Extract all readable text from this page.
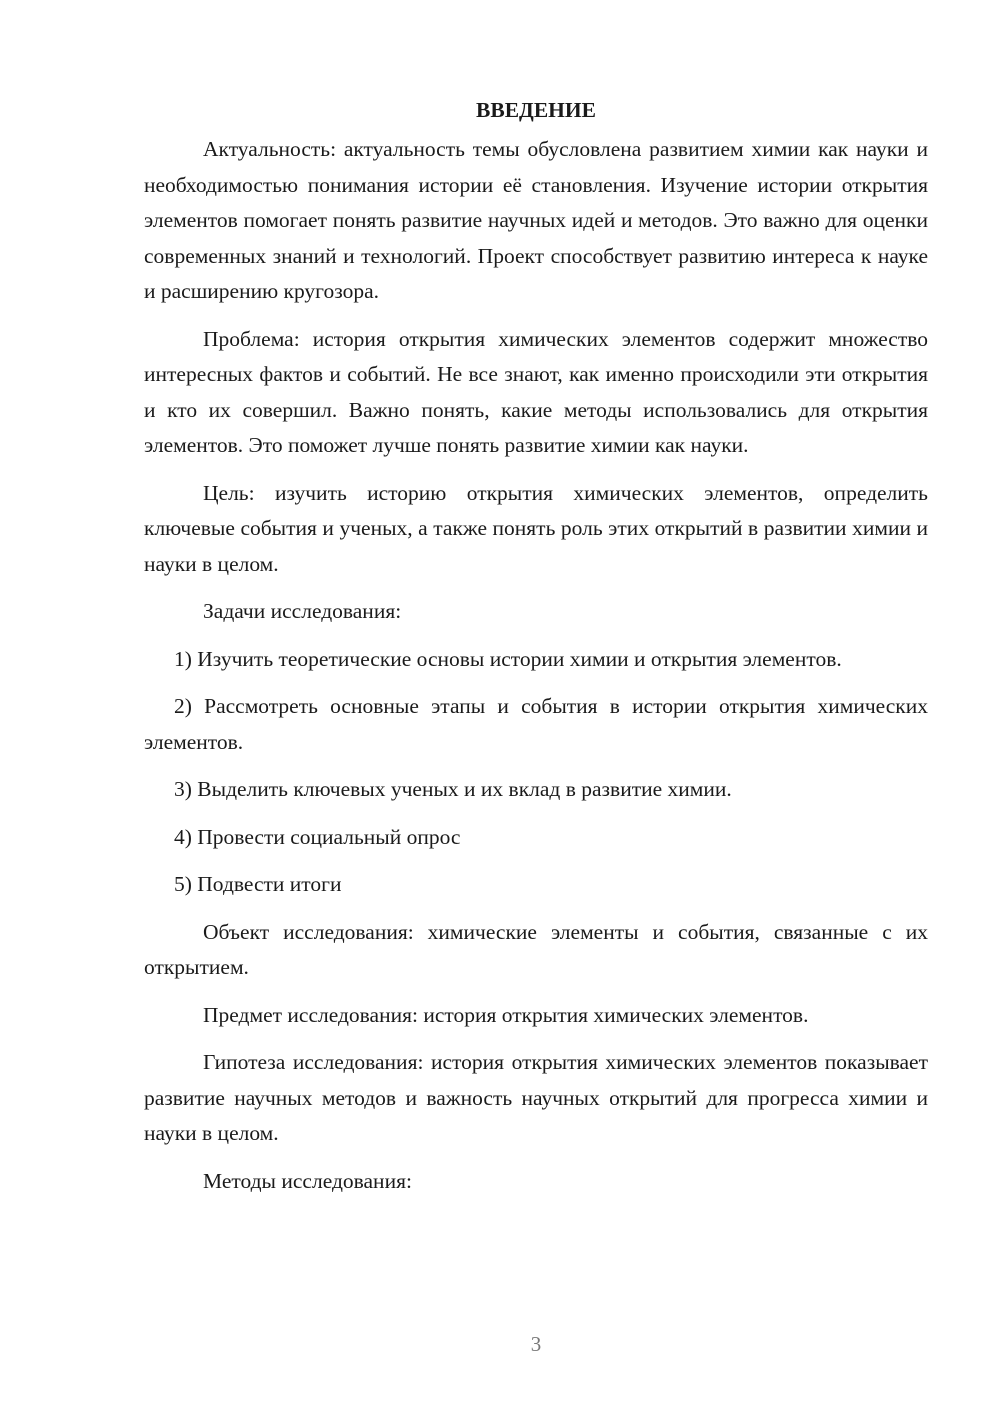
ВВЕДЕНИЕ

Актуальность: актуальность темы обусловлена развитием химии как науки и необходимостью понимания истории её становления. Изучение истории открытия элементов помогает понять развитие научных идей и методов. Это важно для оценки современных знаний и технологий. Проект способствует развитию интереса к науке и расширению кругозора.

Проблема: история открытия химических элементов содержит множество интересных фактов и событий. Не все знают, как именно происходили эти открытия и кто их совершил. Важно понять, какие методы использовались для открытия элементов. Это поможет лучше понять развитие химии как науки.

Цель: изучить историю открытия химических элементов, определить ключевые события и ученых, а также понять роль этих открытий в развитии химии и науки в целом.

Задачи исследования:

1) Изучить теоретические основы истории химии и открытия элементов.

2) Рассмотреть основные этапы и события в истории открытия химических элементов.

3) Выделить ключевых ученых и их вклад в развитие химии.

4) Провести социальный опрос

5) Подвести итоги

Объект исследования: химические элементы и события, связанные с их открытием.

Предмет исследования: история открытия химических элементов.

Гипотеза исследования: история открытия химических элементов показывает развитие научных методов и важность научных открытий для прогресса химии и науки в целом.

Методы исследования:

3
